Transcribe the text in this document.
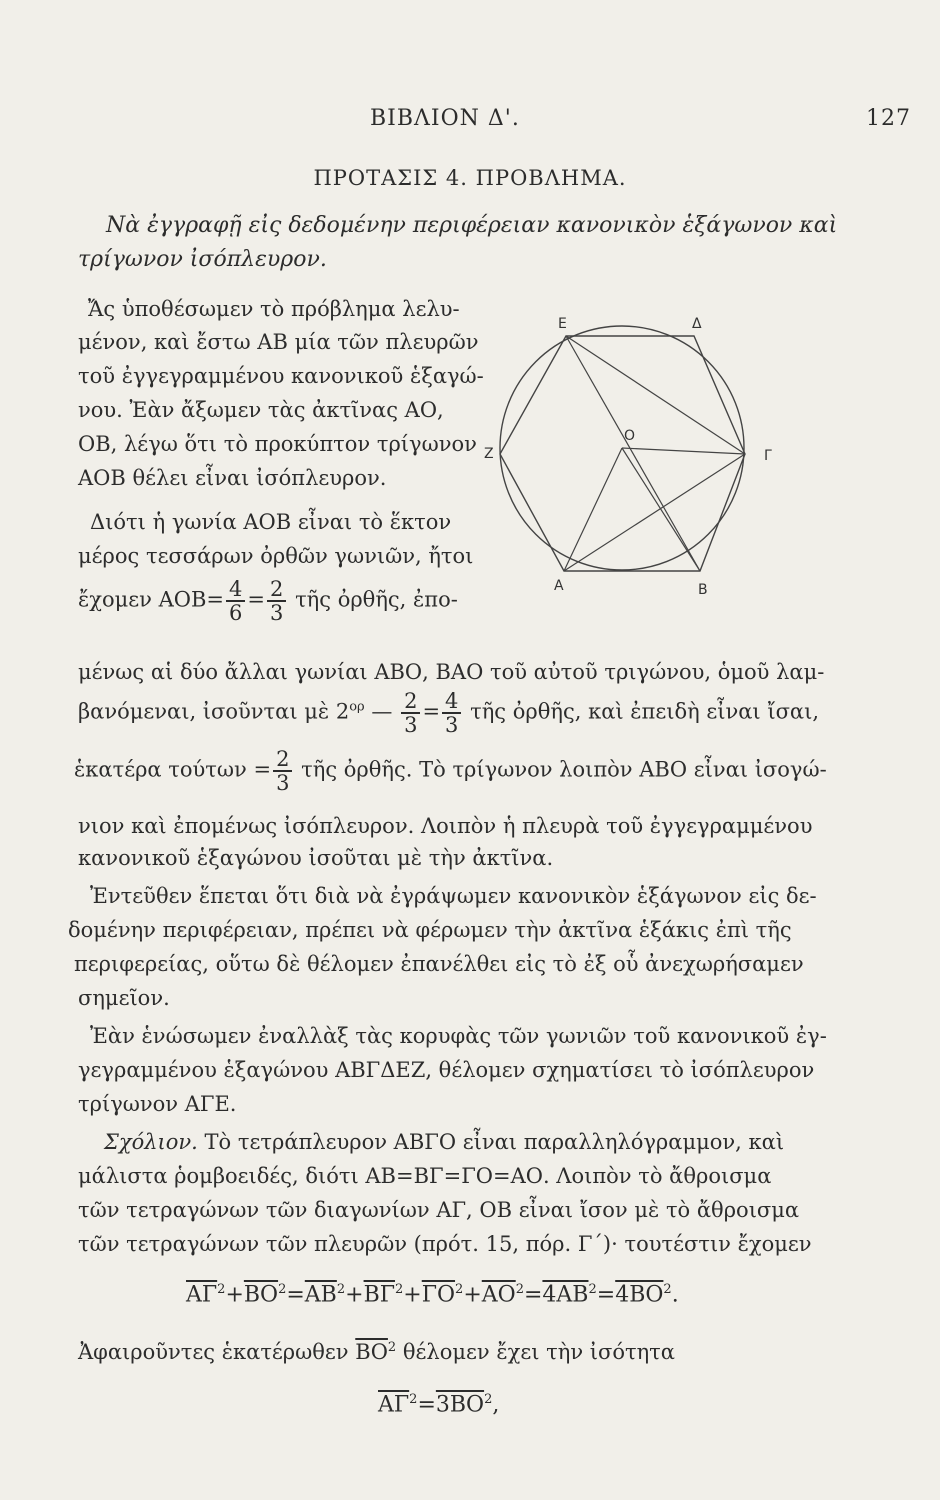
ΒΙΒΛΙΟΝ Δ'.	127
ΠΡΟΤΑΣΙΣ 4. ΠΡΟΒΛΗΜΑ.
Νὰ ἐγγραφῇ εἰς δεδομένην περιφέρειαν κανονικὸν ἑξάγωνον καὶ
τρίγωνον ἰσόπλευρον.
Ἄς ὑποθέσωμεν τὸ πρόβλημα λελυ-
μένον, καὶ ἔστω AB μία τῶν πλευρῶν
τοῦ ἐγγεγραμμένου κανονικοῦ ἑξαγώ-
νου. Ἐὰν ἄξωμεν τὰς ἀκτῖνας ΑΟ,
ΟΒ, λέγω ὅτι τὸ προκύπτον τρίγωνον
ΑΟΒ θέλει εἶναι ἰσόπλευρον.
Διότι ἡ γωνία ΑΟΒ εἶναι τὸ ἕκτον
μέρος τεσσάρων ὀρθῶν γωνιῶν, ἤτοι
E	Δ
Z
O
Γ
A	B
ἔχομεν $AOB= \frac{4}{6} = \frac{2}{3}$ τῆς ὀρθῆς, ἐπο-
μένως αἱ δύο ἄλλαι γωνίαι ΑΒΟ, ΒΑΟ τοῦ αὐτοῦ τριγώνου, ὁμοῦ λαμ-
βανόμεναι, ἰσοῦνται μὲ $2^{o\rho}$ — $\frac{2}{3} = \frac{4}{3}$ τῆς ὀρθῆς, καὶ ἐπειδὴ εἶναι ἴσαι,
ἑκατέρα $\tau oύ\tau\omega\nu = \frac{2}{3}$ τῆς ὀρθῆς. Τὸ τρίγωνον λοιπὸν ΑΒΟ εἶναι ἰσογώ-
νιον καὶ ἐπομένως ἰσόπλευρον. Λοιπὸν ἡ πλευρὰ τοῦ ἐγγεγραμμένου
κανονικοῦ ἑξαγώνου ἰσοῦται μὲ τὴν ἀκτῖνα.
Ἐντεῦθεν ἕπεται ὅτι διὰ νὰ ἐγράψωμεν κανονικὸν ἑξάγωνον εἰς δε-
δομένην περιφέρειαν, πρέπει νὰ φέρωμεν τὴν ἀκτῖνα ἑξάκις ἐπὶ τῆς
περιφερείας, οὕτω δὲ θέλομεν ἐπανέλθει εἰς τὸ ἐξ οὗ ἀνεχωρήσαμεν
σημεῖον.
Ἐὰν ἑνώσωμεν ἐναλλὰξ τὰς κορυφὰς τῶν γωνιῶν τοῦ κανονικοῦ ἐγ-
γεγραμμένου ἑξαγώνου ΑΒΓΔΕΖ, θέλομεν σχηματίσει τὸ ἰσόπλευρον
τρίγωνον ΑΓΕ.
Σχόλιον. Τὸ τετράπλευρον ΑΒΓΟ εἶναι παραλληλόγραμμον, καὶ
μάλιστα ῥομβοειδές, διότι ΑΒ=ΒΓ=ΓΟ=ΑΟ. Λοιπὸν τὸ ἄθροισμα
τῶν τετραγώνων τῶν διαγωνίων ΑΓ, ΟΒ εἶναι ἴσον μὲ τὸ ἄθροισμα
τῶν τετραγώνων τῶν πλευρῶν (πρότ. 15, πόρ. Γ΄)· τουτέστιν ἔχομεν
$\overline{A\Gamma}^2+\overline{BO}^2=\overline{AB}^2+\overline{B\Gamma}^2+\overline{\Gamma O}^2+\overline{AO}^2=4AB^2=4BO^2$.
Ἀφαιροῦντες ἑκατέρωθεν $\overline{BO}^2$ θέλομεν ἔχει τὴν ἰσότητα
$\overline{A\Gamma}^2=3BO^2$,
